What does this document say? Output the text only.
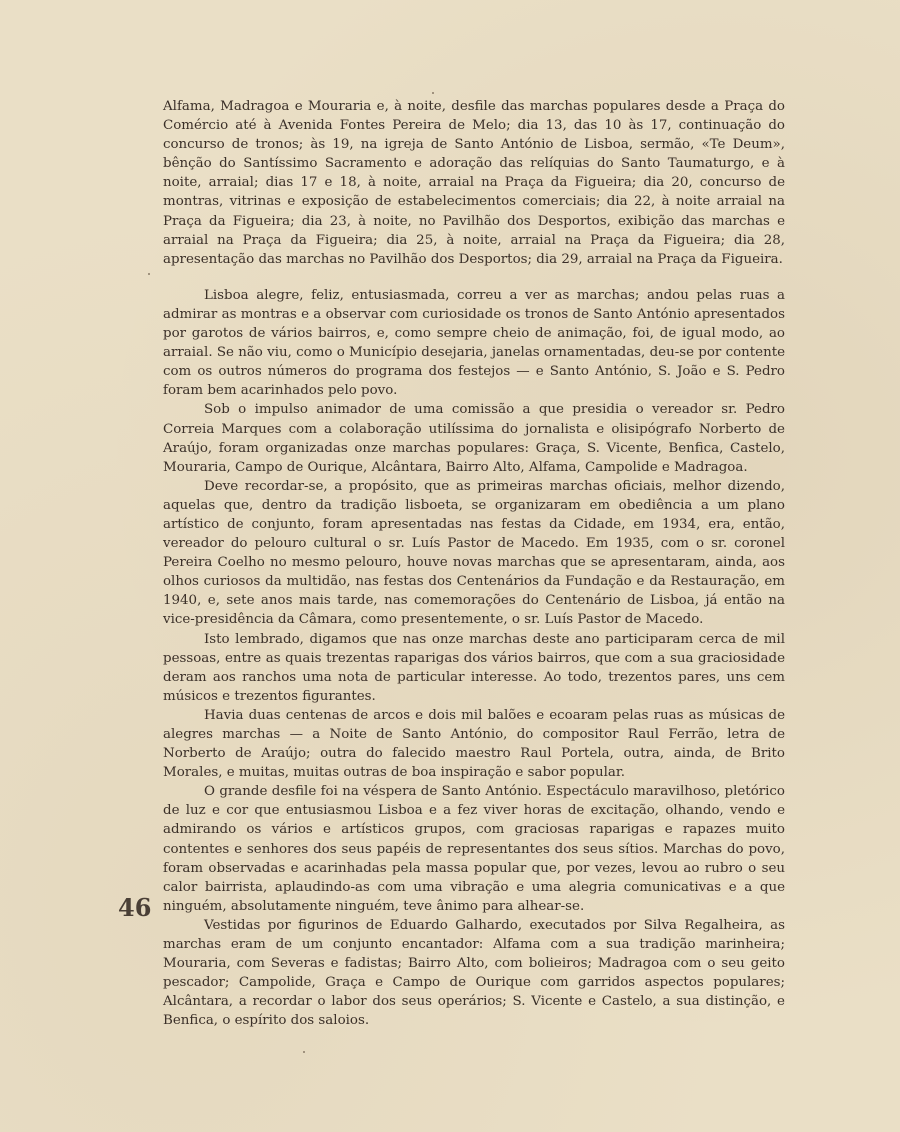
Alfama, Madragoa e Mouraria e, à noite, desfile das marchas populares desde a Praça do Comércio até à Avenida Fontes Pereira de Melo; dia 13, das 10 às 17, continuação do concurso de tronos; às 19, na igreja de Santo António de Lisboa, sermão, «Te Deum», bênção do Santíssimo Sacramento e adoração das relíquias do Santo Taumaturgo, e à noite, arraial; dias 17 e 18, à noite, arraial na Praça da Figueira; dia 20, concurso de montras, vitrinas e exposição de estabelecimentos comerciais; dia 22, à noite arraial na Praça da Figueira; dia 23, à noite, no Pavilhão dos Desportos, exibição das marchas e arraial na Praça da Figueira; dia 25, à noite, arraial na Praça da Figueira; dia 28, apresentação das marchas no Pavilhão dos Desportos; dia 29, arraial na Praça da Figueira.

Lisboa alegre, feliz, entusiasmada, correu a ver as marchas; andou pelas ruas a admirar as montras e a observar com curiosidade os tronos de Santo António apresentados por garotos de vários bairros, e, como sempre cheio de animação, foi, de igual modo, ao arraial. Se não viu, como o Município desejaria, janelas ornamentadas, deu-se por contente com os outros números do programa dos festejos — e Santo António, S. João e S. Pedro foram bem acarinhados pelo povo.

Sob o impulso animador de uma comissão a que presidia o vereador sr. Pedro Correia Marques com a colaboração utilíssima do jornalista e olisipógrafo Norberto de Araújo, foram organizadas onze marchas populares: Graça, S. Vicente, Benfica, Castelo, Mouraria, Campo de Ourique, Alcântara, Bairro Alto, Alfama, Campolide e Madragoa.

Deve recordar-se, a propósito, que as primeiras marchas oficiais, melhor dizendo, aquelas que, dentro da tradição lisboeta, se organizaram em obediência a um plano artístico de conjunto, foram apresentadas nas festas da Cidade, em 1934, era, então, vereador do pelouro cultural o sr. Luís Pastor de Macedo. Em 1935, com o sr. coronel Pereira Coelho no mesmo pelouro, houve novas marchas que se apresentaram, ainda, aos olhos curiosos da multidão, nas festas dos Centenários da Fundação e da Restauração, em 1940, e, sete anos mais tarde, nas comemorações do Centenário de Lisboa, já então na vice-presidência da Câmara, como presentemente, o sr. Luís Pastor de Macedo.

Isto lembrado, digamos que nas onze marchas deste ano participaram cerca de mil pessoas, entre as quais trezentas raparigas dos vários bairros, que com a sua graciosidade deram aos ranchos uma nota de particular interesse. Ao todo, trezentos pares, uns cem músicos e trezentos figurantes.

Havia duas centenas de arcos e dois mil balões e ecoaram pelas ruas as músicas de alegres marchas — a Noite de Santo António, do compositor Raul Ferrão, letra de Norberto de Araújo; outra do falecido maestro Raul Portela, outra, ainda, de Brito Morales, e muitas, muitas outras de boa inspiração e sabor popular.

O grande desfile foi na véspera de Santo António. Espectáculo maravilhoso, pletórico de luz e cor que entusiasmou Lisboa e a fez viver horas de excitação, olhando, vendo e admirando os vários e artísticos grupos, com graciosas raparigas e rapazes muito contentes e senhores dos seus papéis de representantes dos seus sítios. Marchas do povo, foram observadas e acarinhadas pela massa popular que, por vezes, levou ao rubro o seu calor bairrista, aplaudindo-as com uma vibração e uma alegria comunicativas e a que ninguém, absolutamente ninguém, teve ânimo para alhear-se.

Vestidas por figurinos de Eduardo Galhardo, executados por Silva Regalheira, as marchas eram de um conjunto encantador: Alfama com a sua tradição marinheira; Mouraria, com Severas e fadistas; Bairro Alto, com bolieiros; Madragoa com o seu geito pescador; Campolide, Graça e Campo de Ourique com garridos aspectos populares; Alcântara, a recordar o labor dos seus operários; S. Vicente e Castelo, a sua distinção, e Benfica, o espírito dos saloios.

46
